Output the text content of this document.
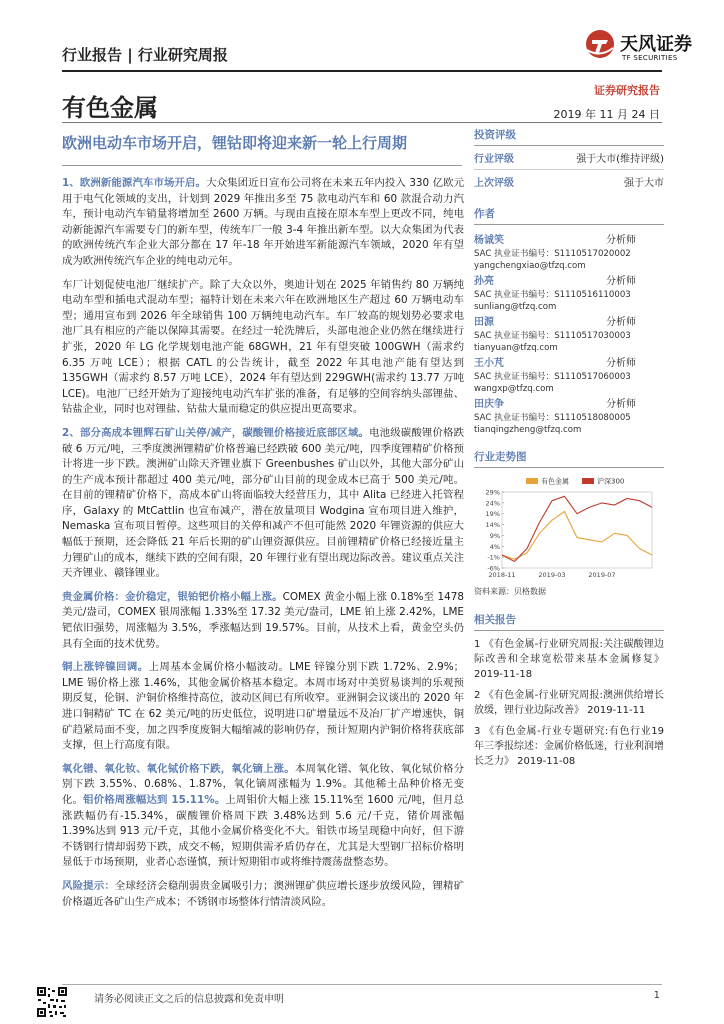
行业报告 | 行业研究周报	天风证券
TF SECURITIES
有色金属
证券研究报告
2019 年 11 月 24 日
欧洲电动车市场开启，锂钴即将迎来新一轮上行周期

1、欧洲新能源汽车市场开启。大众集团近日宣布公司将在未来五年内投入 330 亿欧元用于电气化领域的支出，计划到 2029 年推出多至 75 款电动汽车和 60 款混合动力汽车，预计电动汽车销量将增加至 2600 万辆。与现由直接在原本车型上更改不同，纯电动新能源汽车需要专门的新车型，传统车厂一般 3-4 年推出新车型。以大众集团为代表的欧洲传统汽车企业大部分都在 17 年-18 年开始进军新能源汽车领域，2020 年有望成为欧洲传统汽车企业的纯电动元年。

车厂计划促使电池厂继续扩产。除了大众以外，奥迪计划在 2025 年销售约 80 万辆纯电动车型和插电式混动车型；福特计划在未来六年在欧洲地区生产超过 60 万辆电动车型；通用宣布到 2026 年全球销售 100 万辆纯电动汽车。车厂较高的规划势必要求电池厂具有相应的产能以保障其需要。在经过一轮洗牌后，头部电池企业仍然在继续进行扩张，2020 年 LG 化学规划电池产能 68GWH，21 年有望突破 100GWH（需求约 6.35 万吨 LCE）；根据 CATL 的公告统计，截至 2022 年其电池产能有望达到 135GWH（需求约 8.57 万吨 LCE），2024 年有望达到 229GWH(需求约 13.77 万吨 LCE)。电池厂已经开始为了迎接纯电动汽车扩张的准备，有足够的空间容纳头部锂盐、钴盐企业，同时也对锂盐、钴盐大量而稳定的供应提出更高要求。

2、部分高成本锂辉石矿山关停/减产，碳酸锂价格接近底部区域。电池级碳酸锂价格跌破 6 万元/吨，三季度澳洲锂精矿价格普遍已经跌破 600 美元/吨，四季度锂精矿价格预计将进一步下跌。澳洲矿山除天齐锂业旗下 Greenbushes 矿山以外，其他大部分矿山的生产成本预计都超过 400 美元/吨，部分矿山目前的现金成本已高于 500 美元/吨。在目前的锂精矿价格下，高成本矿山将面临较大经营压力，其中 Alita 已经进入托管程序，Galaxy 的 MtCattlin 也宣布减产，潜在放量项目 Wodgina 宣布项目进入维护，Nemaska 宣布项目暂停。这些项目的关停和减产不但可能然 2020 年锂资源的供应大幅低于预期，还会降低 21 年后长期的矿山锂资源供应。目前锂精矿价格已经接近量主力锂矿山的成本，继续下跌的空间有限，20 年锂行业有望出现边际改善。建议重点关注天齐锂业、赣锋锂业。

贵金属价格：金价稳定，银铂钯价格小幅上涨。COMEX 黄金小幅上涨 0.18%至 1478 美元/盎司，COMEX 银周涨幅 1.33%至 17.32 美元/盎司，LME 铂上涨 2.42%，LME 钯依旧强势，周涨幅为 3.5%，季涨幅达到 19.57%。目前，从技术上看，黄金空头仍具有全面的技术优势。

铜上涨锌镍回调。上周基本金属价格小幅波动。LME 锌镍分别下跌 1.72%、2.9%；LME 锡价格上涨 1.46%，其他金属价格基本稳定。本周市场对中美贸易谈判的乐观预期反复，伦铜、沪铜价格维持高位，波动区间已有所收窄。亚洲铜会议谈出的 2020 年进口铜精矿 TC 在 62 美元/吨的历史低位，说明进口矿增量远不及冶厂扩产增速快，铜矿趋紧局面不变，加之四季度废铜大幅缩减的影响仍存，预计短期内沪铜价格将获底部支撑，但上行高度有限。

氧化镨、氧化钕、氧化铽价格下跌，氧化镝上涨。本周氧化镨、氧化钕、氧化铽价格分别下跌 3.55%、0.68%、1.87%，氧化镝周涨幅为 1.9%。其他稀土品种价格无变化。钼价格周涨幅达到 15.11%。上周钼价大幅上涨 15.11%至 1600 元/吨，但月总涨跌幅仍有-15.34%，碳酸锂价格周下跌 3.48%达到 5.6 元/千克，锗价周涨幅 1.39%达到 913 元/千克，其他小金属价格变化不大。钼铁市场呈现稳中向好，但下游不锈钢行情却弱势下跌，成交不畅，短期供需矛盾仍存在，尤其是大型钢厂招标价格明显低于市场预期，业者心态谨慎，预计短期钼市或将维持震荡盘整态势。

风险提示：全球经济会稳削弱贵金属吸引力；澳洲锂矿供应增长逐步放缓风险，锂精矿价格逼近各矿山生产成本；不锈钢市场整体行情清淡风险。

投资评级
行业评级	强于大市(维持评级)
上次评级	强于大市
作者
杨诚笑	分析师
SAC 执业证书编号：S1110517020002
yangchengxiao@tfzq.com
孙亮	分析师
SAC 执业证书编号：S1110516110003
sunliang@tfzq.com
田源	分析师
SAC 执业证书编号：S1110517030003
tianyuan@tfzq.com
王小芃	分析师
SAC 执业证书编号：S1110517060003
wangxp@tfzq.com
田庆争	分析师
SAC 执业证书编号：S1110518080005
tianqingzheng@tfzq.com
行业走势图
-6%
-1%
4%
9%
14%
19%
24%
29%
2018-11	2019-03	2019-07
有色金属	沪深300
资料来源：贝格数据
相关报告
1 《有色金属-行业研究周报:关注碳酸锂边际改善和全球宽松带来基本金属修复》 2019-11-18
2 《有色金属-行业研究周报:澳洲供给增长放缓，锂行业边际改善》 2019-11-11
3 《有色金属-行业专题研究:有色行业19 年三季报综述：金属价格低迷，行业利润增长乏力》 2019-11-08
请务必阅读正文之后的信息披露和免责申明	1
